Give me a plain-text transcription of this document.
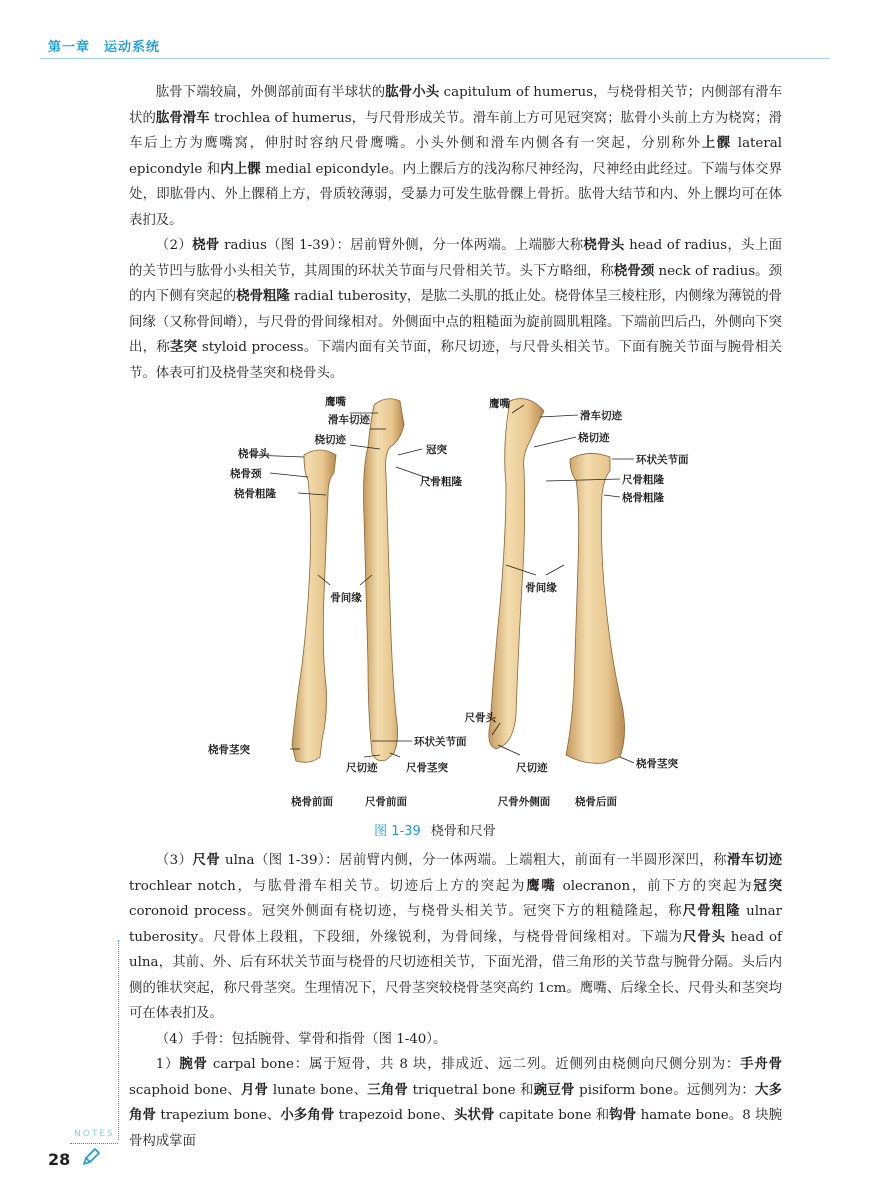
第一章 运动系统

肱骨下端较扁，外侧部前面有半球状的肱骨小头 capitulum of humerus，与桡骨相关节；内侧部有滑车状的肱骨滑车 trochlea of humerus，与尺骨形成关节。滑车前上方可见冠突窝；肱骨小头前上方为桡窝；滑车后上方为鹰嘴窝，伸肘时容纳尺骨鹰嘴。小头外侧和滑车内侧各有一突起，分别称外上髁 lateral epicondyle 和内上髁 medial epicondyle。内上髁后方的浅沟称尺神经沟，尺神经由此经过。下端与体交界处，即肱骨内、外上髁稍上方，骨质较薄弱，受暴力可发生肱骨髁上骨折。肱骨大结节和内、外上髁均可在体表扪及。

（2）桡骨 radius（图 1-39）：居前臂外侧，分一体两端。上端膨大称桡骨头 head of radius，头上面的关节凹与肱骨小头相关节，其周围的环状关节面与尺骨相关节。头下方略细，称桡骨颈 neck of radius。颈的内下侧有突起的桡骨粗隆 radial tuberosity，是肱二头肌的抵止处。桡骨体呈三棱柱形，内侧缘为薄锐的骨间缘（又称骨间嵴），与尺骨的骨间缘相对。外侧面中点的粗糙面为旋前圆肌粗隆。下端前凹后凸，外侧向下突出，称茎突 styloid process。下端内面有关节面，称尺切迹，与尺骨头相关节。下面有腕关节面与腕骨相关节。体表可扪及桡骨茎突和桡骨头。

鹰嘴
滑车切迹
桡切迹
冠突
桡骨头
桡骨颈
桡骨粗隆
尺骨粗隆
骨间缘
鹰嘴
滑车切迹
桡切迹
环状关节面
尺骨粗隆
桡骨粗隆
骨间缘
尺骨头
环状关节面
桡骨茎突
尺切迹	尺骨茎突	尺切迹	桡骨茎突
桡骨前面	尺骨前面	尺骨外侧面 桡骨后面
图 1-39 桡骨和尺骨

（3）尺骨 ulna（图 1-39）：居前臂内侧，分一体两端。上端粗大，前面有一半圆形深凹，称滑车切迹 trochlear notch，与肱骨滑车相关节。切迹后上方的突起为鹰嘴 olecranon，前下方的突起为冠突 coronoid process。冠突外侧面有桡切迹，与桡骨头相关节。冠突下方的粗糙隆起，称尺骨粗隆 ulnar tuberosity。尺骨体上段粗，下段细，外缘锐利，为骨间缘，与桡骨骨间缘相对。下端为尺骨头 head of ulna，其前、外、后有环状关节面与桡骨的尺切迹相关节，下面光滑，借三角形的关节盘与腕骨分隔。头后内侧的锥状突起，称尺骨茎突。生理情况下，尺骨茎突较桡骨茎突高约 1cm。鹰嘴、后缘全长、尺骨头和茎突均可在体表扪及。

（4）手骨：包括腕骨、掌骨和指骨（图 1-40）。

1）腕骨 carpal bone：属于短骨，共 8 块，排成近、远二列。近侧列由桡侧向尺侧分别为：手舟骨 scaphoid bone、月骨 lunate bone、三角骨 triquetral bone 和豌豆骨 pisiform bone。远侧列为：大多角骨 trapezium bone、小多角骨 trapezoid bone、头状骨 capitate bone 和钩骨 hamate bone。8 块腕骨构成掌面

NOTES
28
